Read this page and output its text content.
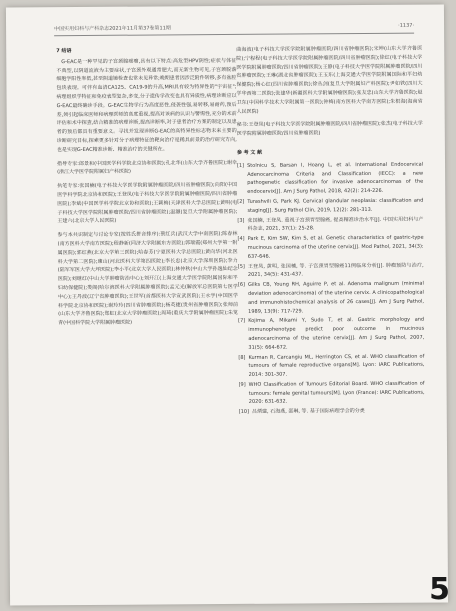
中国实用妇科与产科杂志2021年11月第37卷第11期	·1137·
7 结语

G-EAC是一种罕见的子宫颈腺癌瘤,具有以下特点:高危型HPV阴性;症状与体征不典型,以阴道流液为主要症状,子宫颈外观通常肥大,而无新生物可见,子宫颈脱落细胞学阳性率低,甚至阴道镜检查也常未见异常;晚期患者因涉泛附件转移,多有盆腔包块表现。可伴有血清CA125、CA19-9的升高,MRI具有较为特异性的"宇宙征";病理组织学特征和免疫表型复杂,多变,分子遗传学改变也具有异质性,病理诊断应以G-EAC最终确诊手段。G-EAC生物学行为高度恶性,侵袭性强,易转移,易耐药,预后差,须引起临床医师和病理医师的高度重视,提高对该病的认识与警惕性,充分的术前评估和术中探查,结合精准的病理诊断,提高诊断率,对于患者治疗方案的制定以及患者的预后都具有重要意义。寻找并发现诊断G-EAC的高特异性标志物未来主要的诊断研究目标,探索更多针对分子病理特征的靶向治疗是稀具前景的治疗研究方向,也是实现G-EAC精准诊断、精准治疗的关键所在。

指导专家:郎景和(中国医学科学院北京协和医院);孔北华(山东大学齐鲁医院);谢幸(浙江大学医学院附属妇产科医院)
执笔专家:张国楠(电子科技大学医学院附属肿瘤医院/四川省肿瘤医院);向阳(中国医学科学院北京协和医院);王登凤(电子科技大学医学院附属肿瘤医院/四川省肿瘤医院);李斌(中国医学科学院北京协和医院);王颖梅(天津医科大学总医院);黄明(电子科技大学医学院附属肿瘤医院/四川省肿瘤医院);温灏(复旦大学附属肿瘤医院);王建六(北京大学人民医院)
参与本共识制定与讨论专家(按姓氏拼音排序):蔡红兵(武汉大学中南医院);陈春林(南方医科大学南方医院);程静新(同济大学附属东方医院);郭瑞霞(郑州大学第一附属医院);郭红燕(北京大学第三医院);哈春芳(宁夏医科大学总医院);黄向华(河北医科大学第二医院);康山(河北医科大学第四医院);李长忠(北京大学深圳医院);李力(陆军军医大学大坪医院);李小平(北京大学人民医院);林仲秋(中山大学孙逸仙纪念医院);刘继红(中山大学肿瘤防治中心);刘开江(上海交通大学医学院附属国际和平妇幼保健院);娄阁(哈尔滨医科大学附属肿瘤医院);孟元光(解放军总医院第七医学中心);王丹波(辽宁省肿瘤医院);王世军(首都医科大学宣武医院);王永学(中国医学科学院北京协和医院);谢玲玲(四川省肿瘤医院);杨英捷(贵州省肿瘤医院);张师前(山东大学齐鲁医院);郑虹(北京大学肿瘤医院);周琦(重庆大学附属肿瘤医院);朱笕青(中国科学院大学附属肿瘤医院)
曲海波(电子科技大学医学院附属肿瘤医院/四川省肿瘤医院);宋坤(山东大学齐鲁医院);宁程程(电子科技大学医学院附属肿瘤医院/四川省肿瘤医院);徐红(电子科技大学医学院附属肿瘤医院/四川省肿瘤医院);王静(电子科技大学医学院附属肿瘤医院/四川省肿瘤医院);王琳(湖北省肿瘤医院);王玉东(上海交通大学医学院附属国际和平妇幼保健院);杨心红(四川省肿瘤医院);徐丛剑(复旦大学附属妇产科医院);尹如铁(四川大学华西第二医院);张建华(新疆医科大学附属肿瘤医院);张友忠(山东大学齐鲁医院);赵卫东(中国科学技术大学附属第一医院);钟梅(南方医科大学南方医院);朱根海(海南省人民医院)
秘书:王登凤(电子科技大学医学院附属肿瘤医院/四川省肿瘤医院);张杰(电子科技大学医学院附属肿瘤医院/四川省肿瘤医院)
参 考 文 献
[1] Stolnicu S, Barsan I, Hoang L, et al. International Endocervical Adenocarcinoma Criteria and Classification (IECC): a new pathogenetic classification for invasive adenocarcinomas of the endocervix[J]. Am J Surg Pathol, 2018, 42(2): 214-226.
[2] Turashvili G, Park KJ. Cervical glandular neoplasia: classification and staging[J]. Surg Pathol Clin, 2019, 12(2): 281-313.
[3] 张国楠, 王登凤. 重视子宫颈胃型腺癌, 提高精准诊治水平[J]. 中国实用妇科与产科杂志, 2021, 37(1): 25-28.
[4] Park E, Kim SW, Kim S, et al. Genetic characteristics of gastric-type mucinous carcinoma of the uterine cervix[J]. Mod Pathol, 2021, 34(3): 637-646.
[5] 王登凤, 黄明, 张国楠, 等. 子宫颈胃型腺癌11例临床分析[J]. 肿瘤预防与治疗, 2021, 34(5): 431-437.
[6] Gilks CB, Young RH, Aguirre P, et al. Adenoma malignum (minimal deviation adenocarcinoma) of the uterine cervix. A clinicopathological and immunohistochemical analysis of 26 cases[J]. Am J Surg Pathol, 1989, 13(9): 717-729.
[7] Kojima A, Mikami Y, Sudo T, et al. Gastric morphology and immunophenotype predict poor outcome in mucinous adenocarcinoma of the uterine cervix[J]. Am J Surg Pathol, 2007, 31(5): 664-672.
[8] Kurman R, Carcangiu ML, Herrington CS, et al. WHO classification of tumours of female reproductive organs[M]. Lyon: IARC Publications, 2014: 301-307.
[9] WHO Classification of Tumours Editorial Board. WHO classification of tumours: female genital tumours[M]. Lyon (France): IARC Publications, 2020: 631-632.
[10] 吕炳建, 石海燕, 邵琳, 等. 基于国际病理学会的分类
5
